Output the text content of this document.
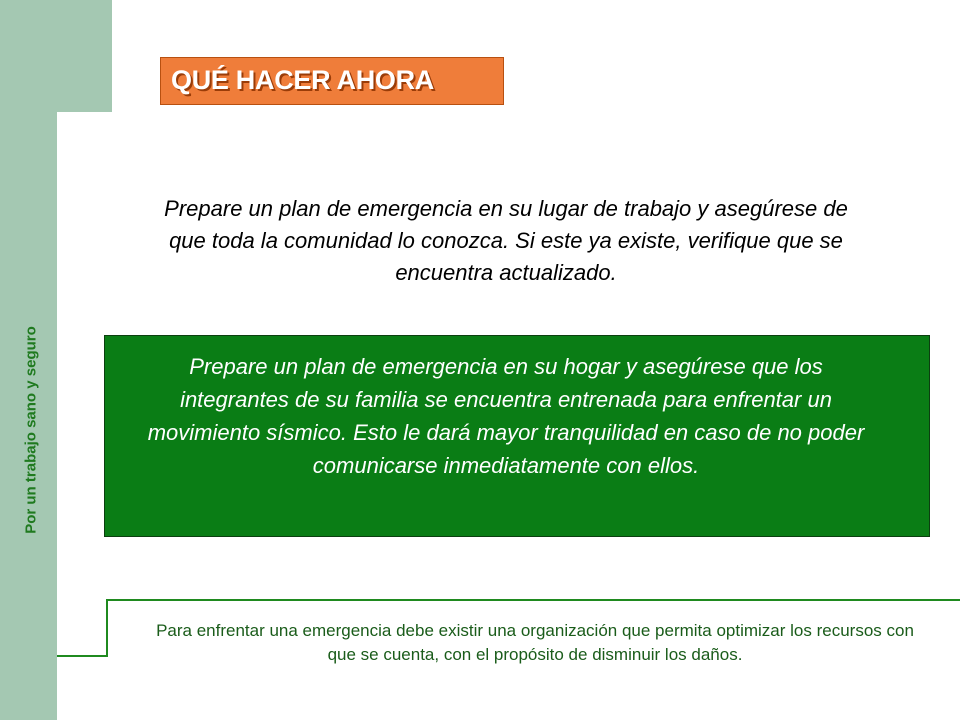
Por un trabajo sano y seguro
QUÉ HACER AHORA
Prepare un plan de emergencia en su lugar de trabajo y asegúrese de que toda la comunidad lo conozca. Si este ya existe, verifique que se encuentra actualizado.
Prepare un plan de emergencia en su hogar y asegúrese que los integrantes de su familia se encuentra entrenada para enfrentar un movimiento sísmico. Esto le dará mayor tranquilidad en caso de no poder comunicarse inmediatamente con ellos.
Para enfrentar una emergencia debe existir una organización que permita optimizar los recursos con que se cuenta, con el propósito de disminuir los daños.
